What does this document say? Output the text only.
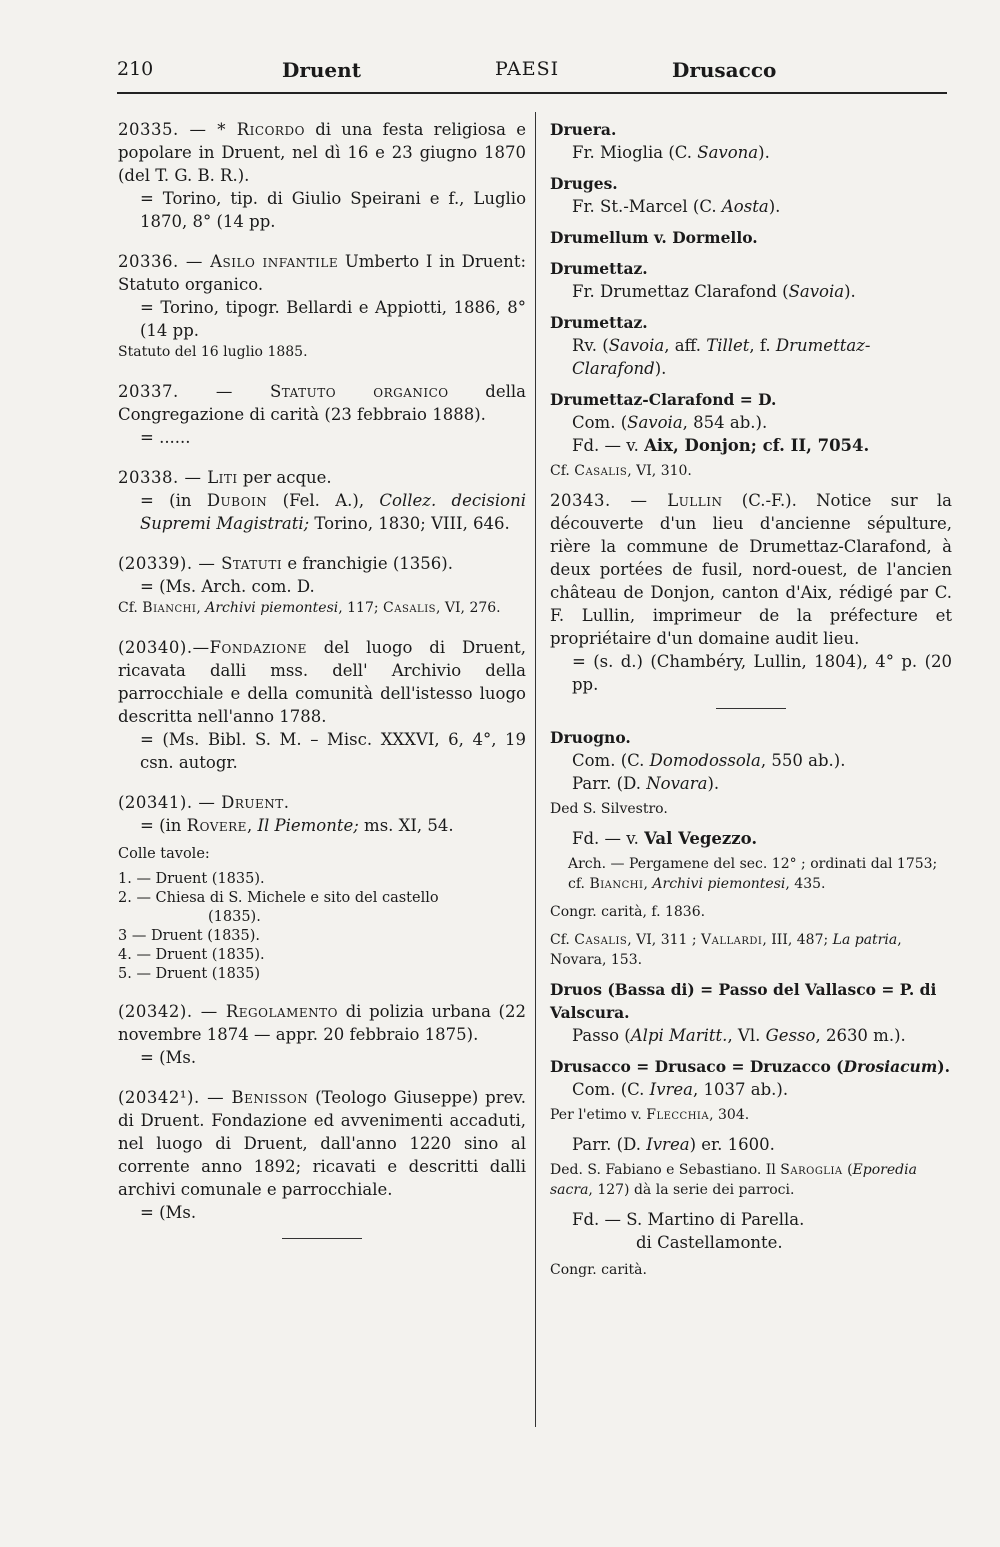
210	Druent	PAESI	Drusacco

20335. — * Ricordo di una festa religiosa e popolare in Druent, nel dì 16 e 23 giugno 1870 (del T. G. B. R.).

= Torino, tip. di Giulio Speirani e f., Luglio 1870, 8° (14 pp.

20336. — Asilo infantile Umberto I in Druent: Statuto organico.

= Torino, tipogr. Bellardi e Appiotti, 1886, 8° (14 pp.

Statuto del 16 luglio 1885.

20337. — Statuto organico della Congregazione di carità (23 febbraio 1888).

= ......

20338. — Liti per acque.

= (in Duboin (Fel. A.), Collez. decisioni Supremi Magistrati; Torino, 1830; VIII, 646.

(20339). — Statuti e franchigie (1356).

= (Ms. Arch. com. D.

Cf. Bianchi, Archivi piemontesi, 117; Casalis, VI, 276.

(20340).—Fondazione del luogo di Druent, ricavata dalli mss. dell' Archivio della parrocchiale e della comunità dell'istesso luogo descritta nell'anno 1788.

= (Ms. Bibl. S. M. – Misc. XXXVI, 6, 4°, 19 csn. autogr.

(20341). — Druent.

= (in Rovere, Il Piemonte; ms. XI, 54.

Colle tavole:
1. — Druent (1835).
2. — Chiesa di S. Michele e sito del castello
(1835).
3 — Druent (1835).
4. — Druent (1835).
5. — Druent (1835)

(20342). — Regolamento di polizia urbana (22 novembre 1874 — appr. 20 febbraio 1875).

= (Ms.

(20342¹). — Benisson (Teologo Giuseppe) prev. di Druent. Fondazione ed avvenimenti accaduti, nel luogo di Druent, dall'anno 1220 sino al corrente anno 1892; ricavati e descritti dalli archivi comunale e parrocchiale.

= (Ms.

Druera.
Fr. Mioglia (C. Savona).
Druges.
Fr. St.-Marcel (C. Aosta).
Drumellum v. Dormello.
Drumettaz.
Fr. Drumettaz Clarafond (Savoia).
Drumettaz.
Rv. (Savoia, aff. Tillet, f. Drumettaz-Clarafond).
Drumettaz-Clarafond = D.
Com. (Savoia, 854 ab.).
Fd. — v. Aix, Donjon; cf. II, 7054.
Cf. Casalis, VI, 310.

20343. — Lullin (C.-F.). Notice sur la découverte d'un lieu d'ancienne sépulture, rière la commune de Drumettaz-Clarafond, à deux portées de fusil, nord-ouest, de l'ancien château de Donjon, canton d'Aix, rédigé par C. F. Lullin, imprimeur de la préfecture et propriétaire d'un domaine audit lieu.

= (s. d.) (Chambéry, Lullin, 1804), 4° p. (20 pp.

Druogno.
Com. (C. Domodossola, 550 ab.).
Parr. (D. Novara).
Ded S. Silvestro.
Fd. — v. Val Vegezzo.
Arch. — Pergamene del sec. 12° ; ordinati dal 1753; cf. Bianchi, Archivi piemontesi, 435.
Congr. carità, f. 1836.
Cf. Casalis, VI, 311 ; Vallardi, III, 487; La patria, Novara, 153.
Druos (Bassa di) = Passo del Vallasco = P. di Valscura.
Passo (Alpi Maritt., Vl. Gesso, 2630 m.).
Drusacco = Drusaco = Druzacco (Drosiacum).
Com. (C. Ivrea, 1037 ab.).
Per l'etimo v. Flecchia, 304.
Parr. (D. Ivrea) er. 1600.
Ded. S. Fabiano e Sebastiano. Il Saroglia (Eporedia sacra, 127) dà la serie dei parroci.
Fd. — S. Martino di Parella.
di Castellamonte.
Congr. carità.
